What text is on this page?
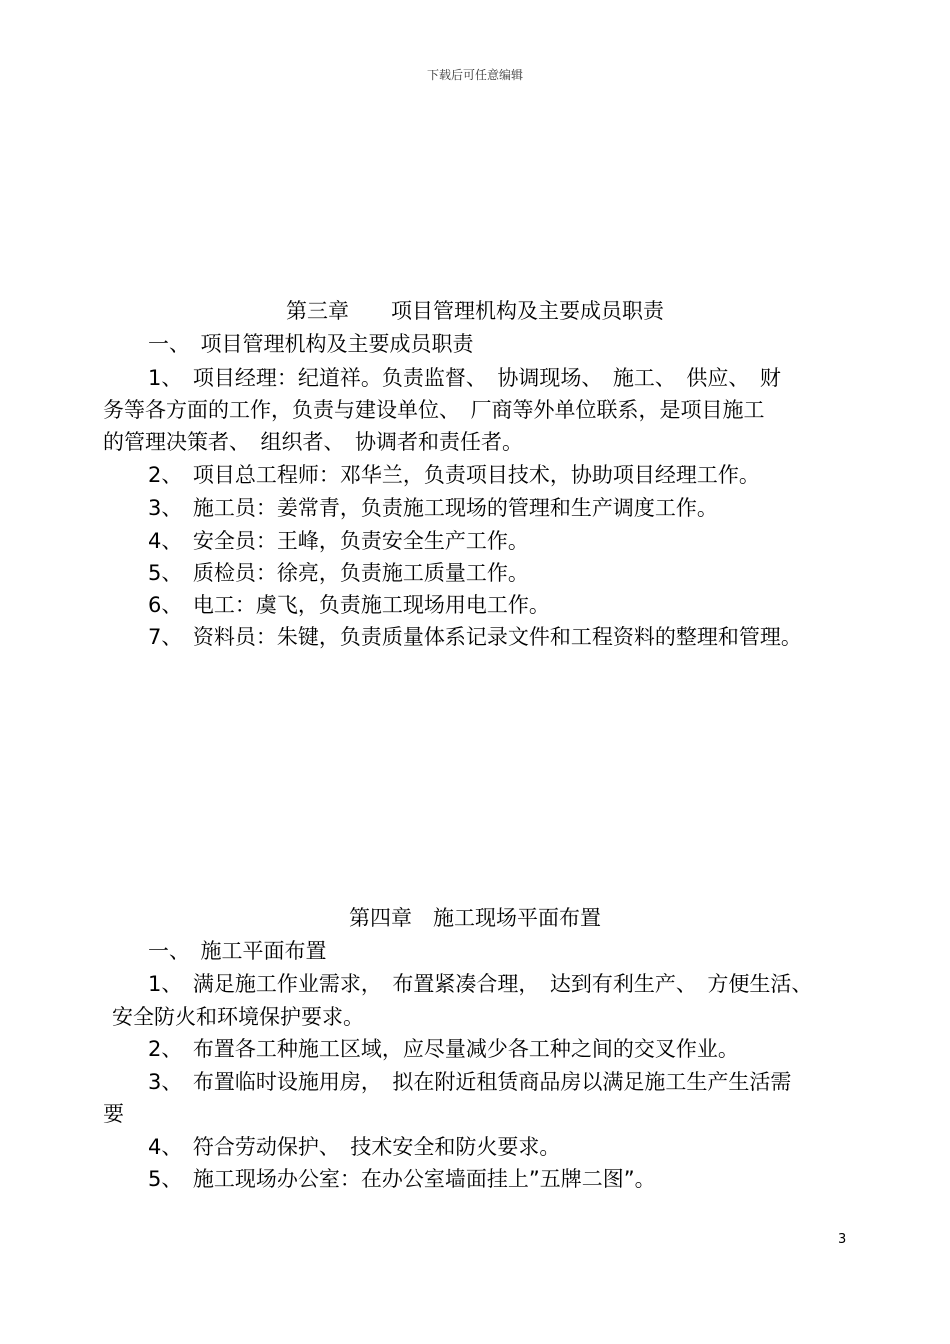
下载后可任意编辑
第三章　　项目管理机构及主要成员职责
一、　项目管理机构及主要成员职责
1、　项目经理：纪道祥。负责监督、　协调现场、　施工、　供应、　财
务等各方面的工作，负责与建设单位、　厂商等外单位联系，是项目施工
的管理决策者、　组织者、　协调者和责任者。
2、　项目总工程师：邓华兰，负责项目技术，协助项目经理工作。
3、　施工员：姜常青，负责施工现场的管理和生产调度工作。
4、　安全员：王峰，负责安全生产工作。
5、　质检员：徐亮，负责施工质量工作。
6、　电工：虞飞，负责施工现场用电工作。
7、　资料员：朱键，负责质量体系记录文件和工程资料的整理和管理。
第四章　施工现场平面布置
一、　施工平面布置
1、　满足施工作业需求，　布置紧凑合理，　达到有利生产、　方便生活、
安全防火和环境保护要求。
2、　布置各工种施工区域，应尽量减少各工种之间的交叉作业。
3、　布置临时设施用房，　拟在附近租赁商品房以满足施工生产生活需
要
4、　符合劳动保护、　技术安全和防火要求。
5、　施工现场办公室：在办公室墙面挂上”五牌二图”。
3
